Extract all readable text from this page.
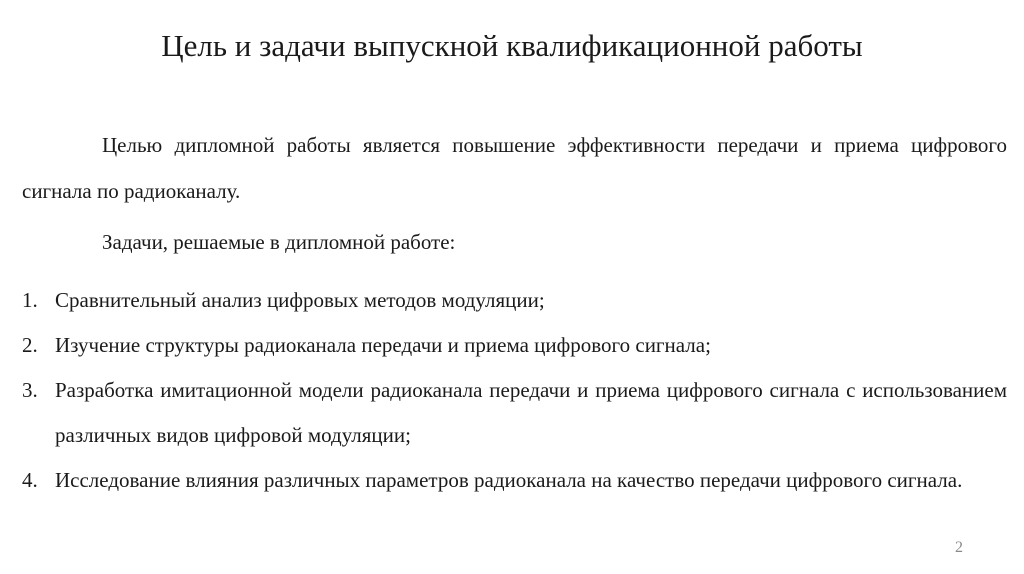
Цель и задачи выпускной квалификационной работы
Целью дипломной работы является повышение эффективности передачи и приема цифрового сигнала по радиоканалу.
Задачи, решаемые в дипломной работе:
1. Сравнительный анализ цифровых методов модуляции;
2. Изучение структуры радиоканала передачи и приема цифрового сигнала;
3. Разработка имитационной модели радиоканала передачи и приема цифрового сигнала с использованием различных видов цифровой модуляции;
4. Исследование влияния различных параметров радиоканала на качество передачи цифрового сигнала.
2
